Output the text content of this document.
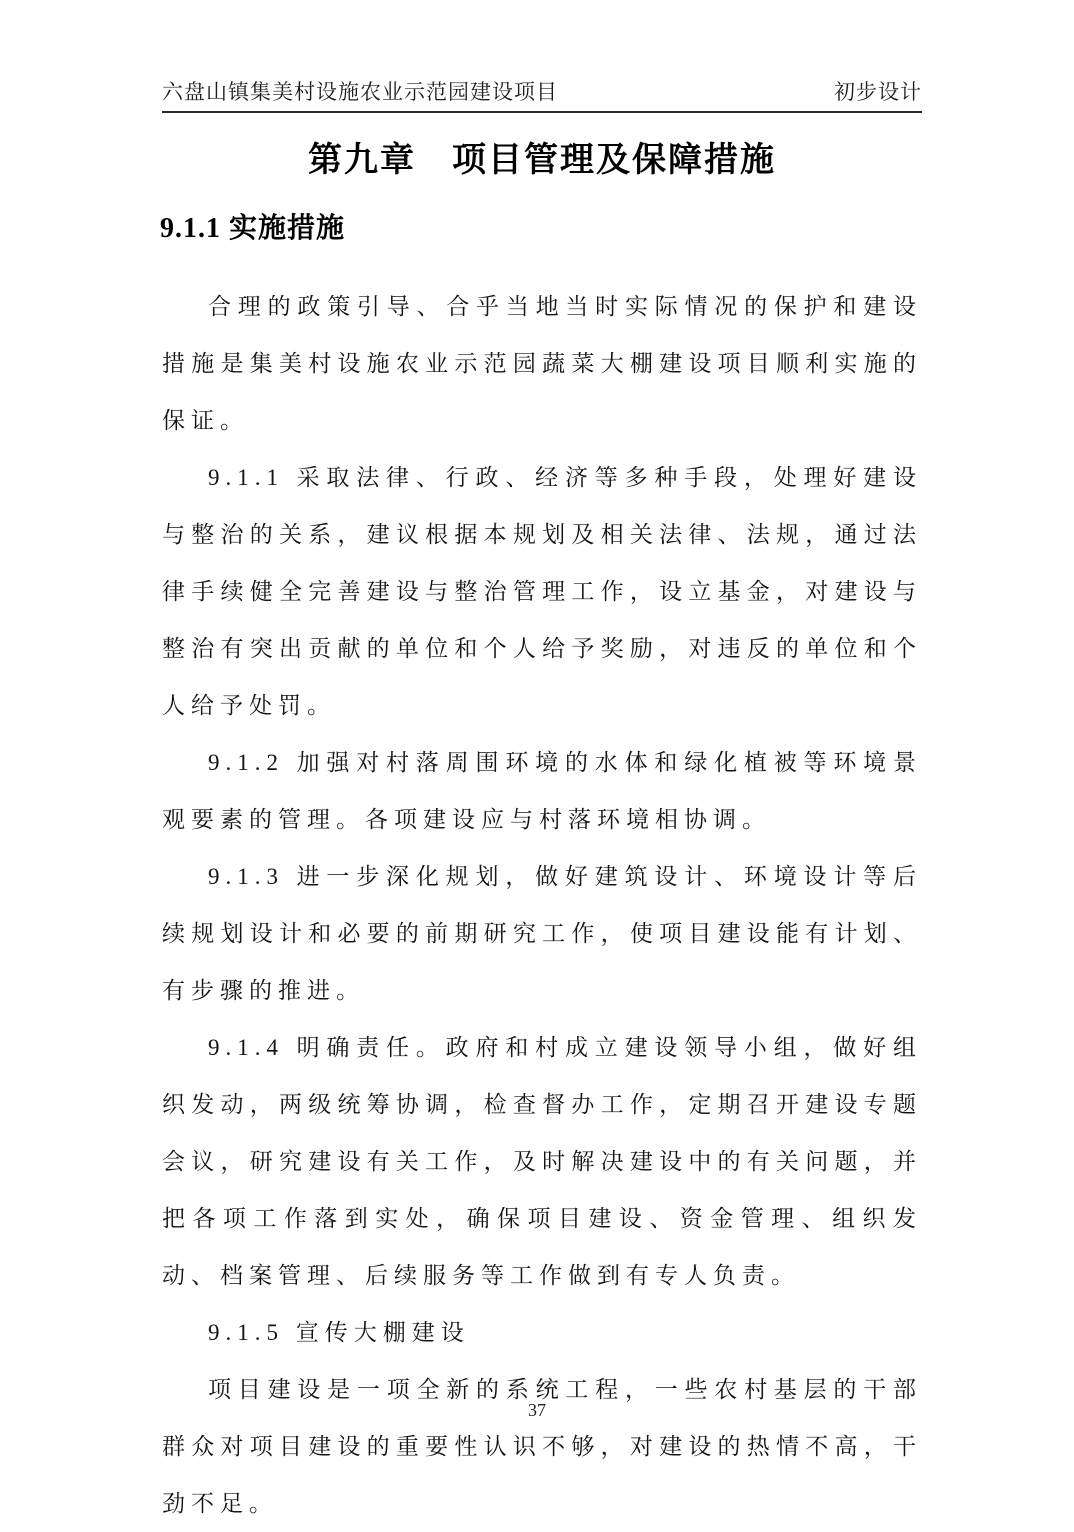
六盘山镇集美村设施农业示范园建设项目	初步设计
第九章　项目管理及保障措施
9.1.1 实施措施

合理的政策引导、合乎当地当时实际情况的保护和建设措施是集美村设施农业示范园蔬菜大棚建设项目顺利实施的保证。

9.1.1 采取法律、行政、经济等多种手段，处理好建设与整治的关系，建议根据本规划及相关法律、法规，通过法律手续健全完善建设与整治管理工作，设立基金，对建设与整治有突出贡献的单位和个人给予奖励，对违反的单位和个人给予处罚。

9.1.2 加强对村落周围环境的水体和绿化植被等环境景观要素的管理。各项建设应与村落环境相协调。

9.1.3 进一步深化规划，做好建筑设计、环境设计等后续规划设计和必要的前期研究工作，使项目建设能有计划、有步骤的推进。

9.1.4 明确责任。政府和村成立建设领导小组，做好组织发动，两级统筹协调，检查督办工作，定期召开建设专题会议，研究建设有关工作，及时解决建设中的有关问题，并把各项工作落到实处，确保项目建设、资金管理、组织发动、档案管理、后续服务等工作做到有专人负责。

9.1.5 宣传大棚建设

项目建设是一项全新的系统工程，一些农村基层的干部群众对项目建设的重要性认识不够，对建设的热情不高，干劲不足。

37
